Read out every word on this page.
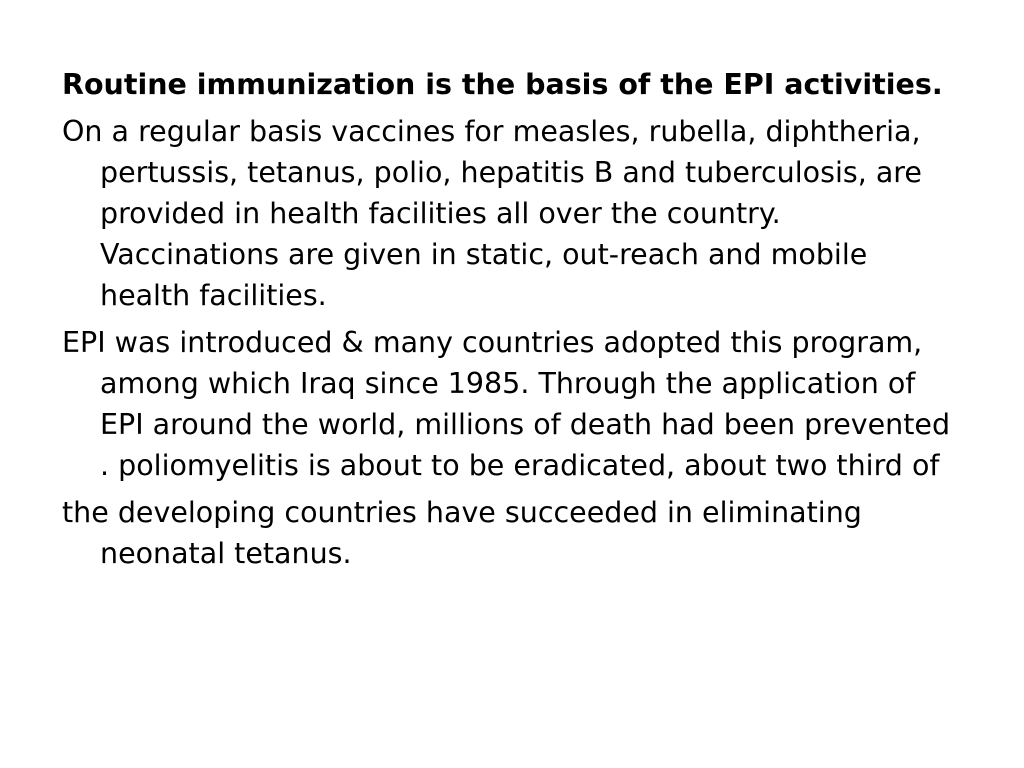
Routine immunization is the basis of the EPI activities.

On a regular basis vaccines for measles, rubella, diphtheria, pertussis, tetanus, polio, hepatitis B and tuberculosis, are provided in health facilities all over the country. Vaccinations are given in static, out-reach and mobile health facilities.

EPI was introduced & many countries adopted this program, among which Iraq since 1985. Through the application of EPI around the world, millions of death had been prevented . poliomyelitis is about to be eradicated, about two third of

the developing countries have succeeded in eliminating neonatal tetanus.
